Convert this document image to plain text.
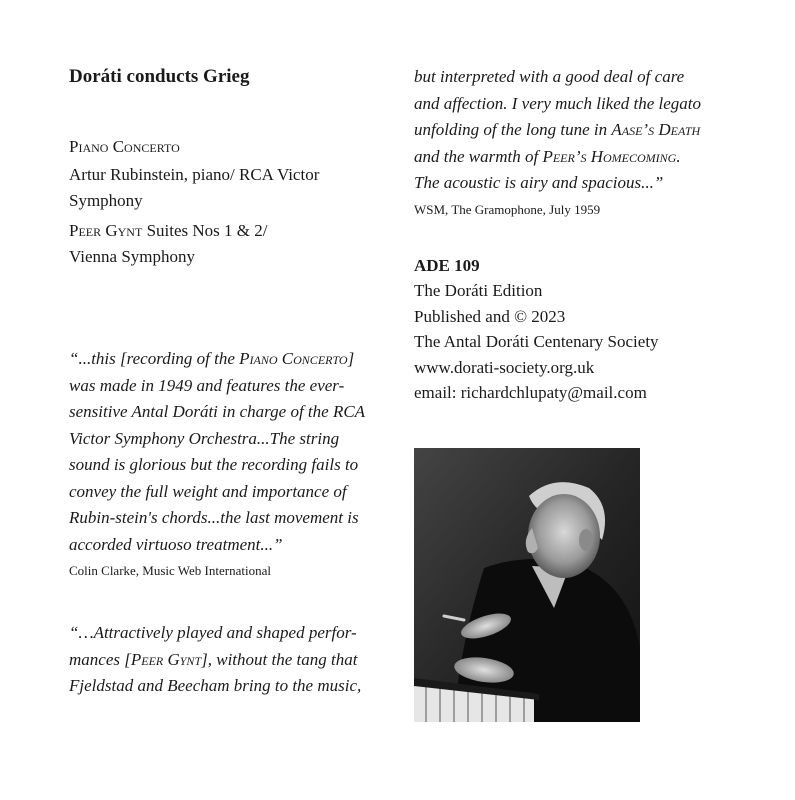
Doráti conducts Grieg

Piano Concerto

Artur Rubinstein, piano/ RCA Victor
Symphony

Peer Gynt Suites Nos 1 & 2/
Vienna Symphony

“...this [recording of the Piano Concerto]
was made in 1949 and features the ever-
sensitive Antal Doráti in charge of the RCA
Victor Symphony Orchestra...The string
sound is glorious but the recording fails to
convey the full weight and importance of
Rubin-stein's chords...the last movement is
accorded virtuoso treatment...”

Colin Clarke, Music Web International

“…Attractively played and shaped perfor-
mances [Peer Gynt], without the tang that
Fjeldstad and Beecham bring to the music,

but interpreted with a good deal of care
and affection. I very much liked the legato
unfolding of the long tune in Aase’s Death
and the warmth of Peer’s Homecoming.
The acoustic is airy and spacious...”

WSM, The Gramophone, July 1959

ADE 109

The Doráti Edition

Published and © 2023

The Antal Doráti Centenary Society

www.dorati-society.org.uk

email: richardchlupaty@mail.com
